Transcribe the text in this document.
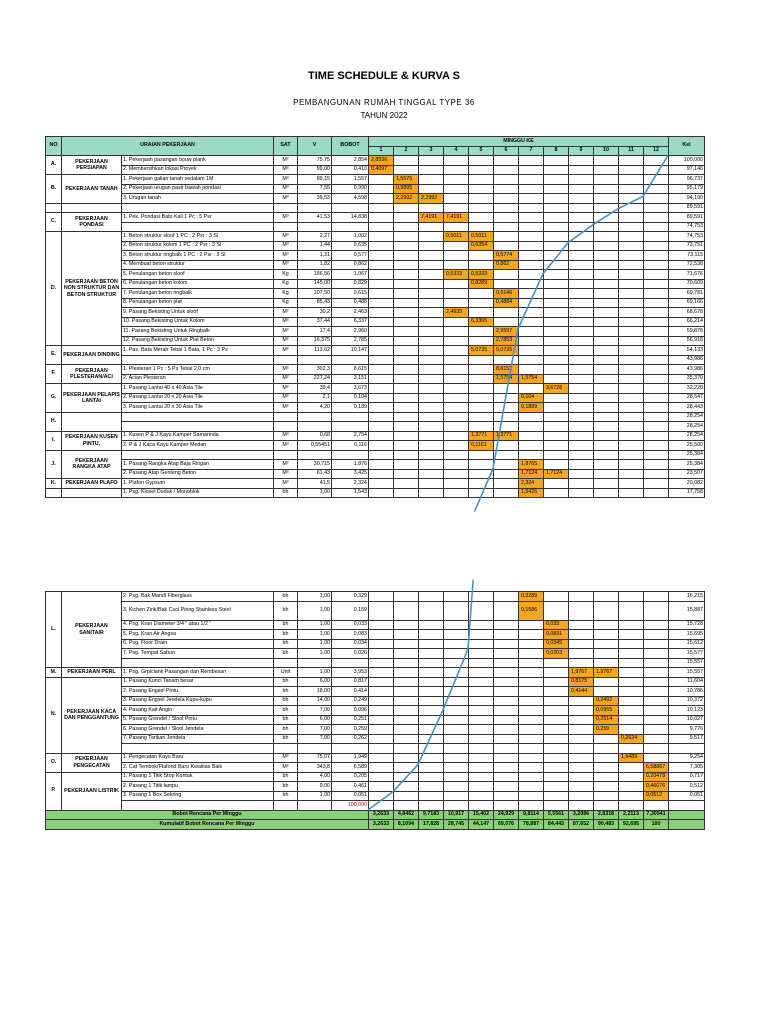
TIME SCHEDULE & KURVA S
PEMBANGUNAN RUMAH TINGGAL TYPE 36
TAHUN 2022
NO	URAIAN PEKERJAAN		SAT	V	BOBOT	MINGGU KE												Kel
						1	2	3	4	5	6	7	8	9	10	11	12	
A.	PEKERJAAN PERSIAPAN	1. Pekerjaan pasangan bouw plank	M²	75,75	2,854	2,8536												100,000
		2. Membersihkan lokasi Proyek	M²	99,00	0,410	0,4097												97,146
B.	PEKERJAAN TANAH	1. Pekerjaan galian tanah sedalam 1M	M³	89,15	1,557		1,5575											96,737
		2. Pekerjaan urugan pasir bawah pondasi	M³	7,55	0,990		0,9895											95,179
		3. Urugan tanah	M³	39,53	4,598		2,2992	2,2992										94,190
																		89,591
C.	PEKERJAAN PONDASI	1. Pek. Pondasi Batu Kali 1 Pc : 5 Psr	M³	41,53	14,838			7,4191	7,4191									89,591
																		74,753
D.	PEKERJAAN BETON NON STRUKTUR DAN BETON STRUKTUR	1. Beton struktur sloof 1 PC : 2 Psr : 3 Sl	M³	2,27	1,002				0,5011	0,5011								74,753
		2. Beton struktur kolom 1 PC : 2 Psr : 3 Sl	M³	1,44	0,635					0,6354								73,751
		3. Beton struktur ringbalk 1 PC : 2 Psr : 3 Sl	M³	1,31	0,577						0,5774							73,115
		4. Membuat beton struktur	M³	1,82	0,862						0,862							72,538
		5. Penulangan beton sloof	Kg	186,56	1,067				0,5333	0,5333								71,676
		6. Penulangan beton kolom	Kg	145,00	0,829					0,8289								70,609
		7. Penulangan beton ringbalk	Kg	107,50	0,615						0,6146							69,781
		8. Penulangan beton plat	Kg	85,43	0,488						0,4884							69,166
		9. Pasang Bekisting Untuk sloof	M²	30,2	2,463				2,4635									68,678
		10. Pasang Bekisting Untuk Kolom	M²	37,44	6,337					6,3365								66,214
		11. Pasang Bekisting Untuk Ringbalk	M²	17,4	2,960						2,9597							59,878
		12. Pasang Bekisting Untuk Plat Beton	M²	16,375	2,785						2,7853							56,918
E.	PEKERJAAN DINDING	1. Pas. Bata Merah Tebal 1 Bata, 1 Pc : 3 Ps	M²	113,62	10,147					5,0735	5,0735							54,133
																		43,986
F.	PEKERJAAN PLESTERAN/ACI	1. Plesteran 1 Pc : 5 Ps Tebal 2,0 cm	M²	302,3	8,615						8,6152							43,986
		2. Acian Plesteran	M²	227,24	3,151						1,5754	1,5754						35,370
G.	PEKERJAAN PELAPIS LANTAI	1. Pasang Lantai 40 x 40 Asia Tile	M²	39,4	3,673								3,6728					32,220
		2. Pasang Lantai 20 x 20 Asia Tile	M²	2,1	0,104							0,104						28,547
		3. Pasang Lantai 20 x 30 Asia Tile	M²	4,20	0,189							0,1889						28,443
H.																		28,254
																		28,254
I.	PEKERJAAN KUSEN PINTU,	1. Kusen P & J Kayu Kamper Samarinda	M³	0,68	2,754					1,3771	1,3771							28,254
		2. P & J Kaca Kayu Kamper Medan	M³	0,55451	0,116					0,1161								25,500
J.	PEKERJAAN RANGKA ATAP																	25,384
		1. Pasang Rangka Atap Baja Ringan	M²	30,715	1,876							1,8765						25,384
		2. Pasang Atap Genteng Beton	M²	61,43	3,425							1,7124	1,7124					23,507
K.	PEKERJAAN PLAFO	1. Plafon Gypsum	M²	41,5	2,324							2,324						20,082
		1. Psg. Klosel Duduk / Monoblok	bh	1,00	1,543							1,5426						17,758
L.	PEKERJAAN SANITAIR	2. Psg. Bak Mandi Fiberglass	bh	1,00	0,329							0,3289						16,215
		3. Kichen Zink/Bak Cuci Piring Stainless Steel	bh	1,00	0,159							0,1586						15,887
		4. Psg. Kran Diameter 3/4 " atau 1/2 "	bh	1,00	0,033								0,033					15,728
		5. Psg. Kran Air Angsa	bh	1,00	0,083								0,0831					15,695
		6. Psg. Floor Drain	bh	1,00	0,034								0,0345					15,612
		7. Psg. Tempat Sabun	bh	1,00	0,020								0,0203					15,577
																		15,557
M.	PEKERJAAN PERL	1. Psg. Grpiclank Pasangan dan Rembesan	Unit	1,00	3,953									1,9767	1,9767			15,557
N.	PEKERJAAN KACA DAN PENGGANTUNG	1. Pasang Kunci Tanam besar	bh	6,00	0,817									0,8175				11,604
		2. Pasang Engsel Pintu	bh	18,00	0,414									0,4144				10,786
		3. Pasang Engsel Jendela Kupu-kupu	bh	14,00	0,249										0,2492			10,372
		4. Pasang Kait Angin	bh	7,00	0,096										0,0955			10,123
		5. Pasang Grendel / Slool Pintu	bh	6,00	0,251										0,2514			10,027
		6. Pasang Grendel / Slool Jendela	bh	7,00	0,259										0,259			9,776
		7. Pasang Tarikan Jendela	bh	7,00	0,262											0,2624		9,517

O.	PEKERJAAN PENGECATAN	1. Pengecatan Kayu Baru	M²	75,07	1,949											1,9489		9,254
		2. Cat Tembok/Plafond Baru Kwalitas Baik	M²	343,8	6,589												6,58867	7,305
P.	PEKERJAAN LISTRIK	1. Pasang 1 Titik Stop Kontak	bh	4,00	0,205												0,20478	0,717
		2. Pasang 1 Titik lampu	bh	9,00	0,461												0,46076	0,512
		3. Pasang 1 Box Sekring	bh	1,00	0,051												0,0512	0,051
					100,000													
Bobot Rencana Per Minggu						3,2633	4,8462	9,7183	10,917	15,402	24,929	9,8114	5,5561	3,2086	2,8318	2,2113	7,30541	
Kumulatif Bobot Rencana Per Minggu						3,2633	8,1094	17,828	28,745	44,147	69,076	78,887	84,443	87,652	90,483	92,695	100	
